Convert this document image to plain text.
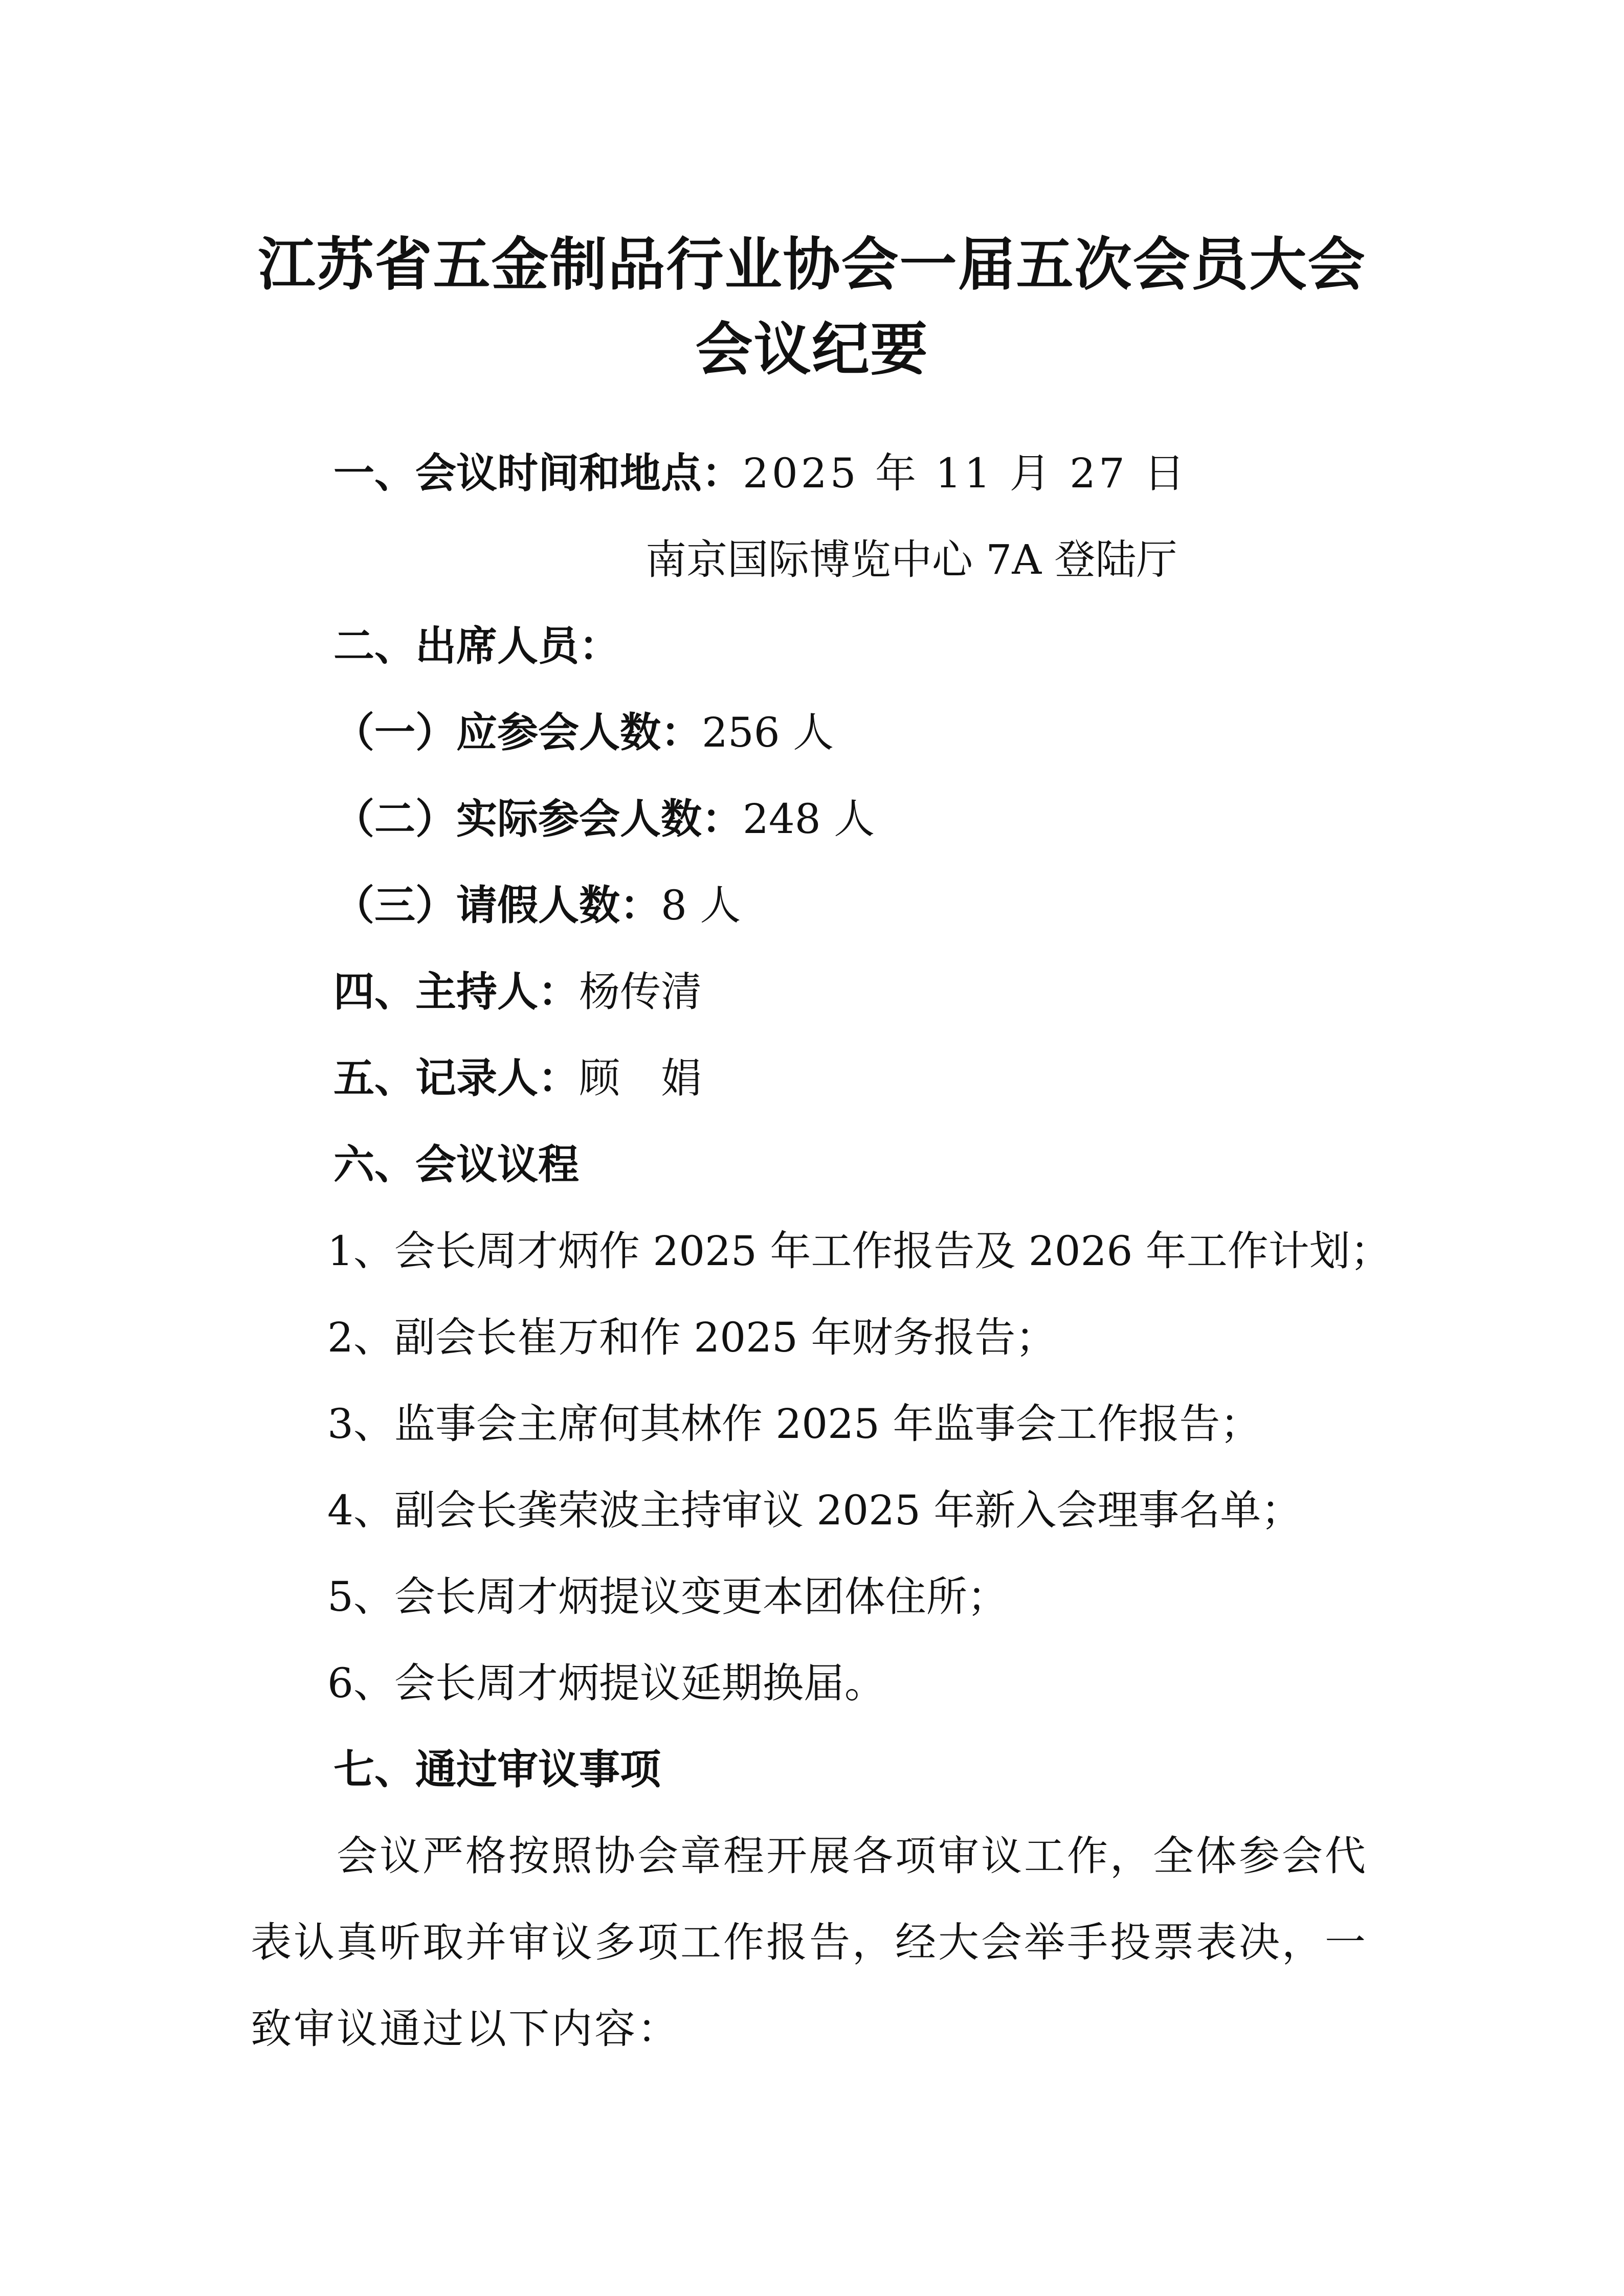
江苏省五金制品行业协会一届五次会员大会
会议纪要
一、会议时间和地点：2025 年 11 月 27 日
南京国际博览中心 7A 登陆厅
二、出席人员：
（一）应参会人数：256 人
（二）实际参会人数：248 人
（三）请假人数：8 人
四、主持人：杨传清
五、记录人：顾　娟
六、会议议程
1、会长周才炳作 2025 年工作报告及 2026 年工作计划；
2、副会长崔万和作 2025 年财务报告；
3、监事会主席何其林作 2025 年监事会工作报告；
4、副会长龚荣波主持审议 2025 年新入会理事名单；
5、会长周才炳提议变更本团体住所；
6、会长周才炳提议延期换届。
七、通过审议事项
会议严格按照协会章程开展各项审议工作，全体参会代
表认真听取并审议多项工作报告，经大会举手投票表决，一
致审议通过以下内容：
